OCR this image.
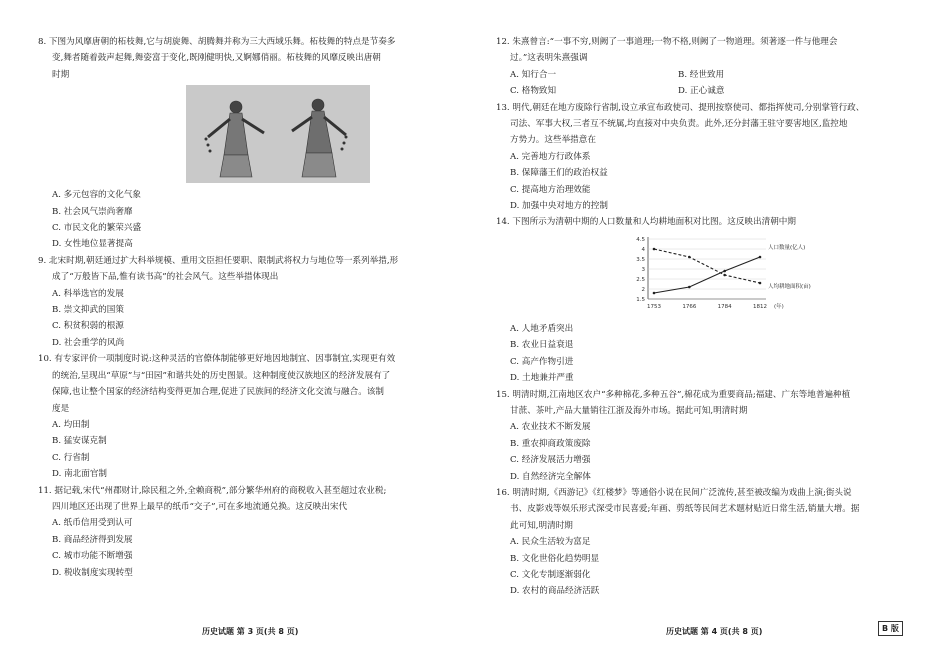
8. 下图为风靡唐朝的柘枝舞,它与胡旋舞、胡腾舞并称为三大西域乐舞。柘枝舞的特点是节奏多

变,舞者随着鼓声起舞,舞姿富于变化,既刚健明快,又婀娜俏丽。柘枝舞的风靡反映出唐朝

时期

A. 多元包容的文化气象
B. 社会风气崇尚奢靡
C. 市民文化的繁荣兴盛
D. 女性地位显著提高

9. 北宋时期,朝廷通过扩大科举规模、重用文臣担任要职、限制武将权力与地位等一系列举措,形

成了“万般皆下品,惟有读书高”的社会风气。这些举措体现出

A. 科举选官的发展
B. 崇文抑武的国策
C. 积贫积弱的根源
D. 社会重学的风尚

10. 有专家评价一项制度时说:这种灵活的官僚体制能够更好地因地制宜、因事制宜,实现更有效

的统治,呈现出“草原”与“田园”和谐共处的历史图景。这种制度使汉族地区的经济发展有了

保障,也让整个国家的经济结构变得更加合理,促进了民族间的经济文化交流与融合。该制

度是

A. 均田制
B. 猛安谋克制
C. 行省制
D. 南北面官制

11. 据记载,宋代“州郡财计,除民租之外,全赖商税”,部分繁华州府的商税收入甚至超过农业税;

四川地区还出现了世界上最早的纸币“交子”,可在多地流通兑换。这反映出宋代

A. 纸币信用受到认可
B. 商品经济得到发展
C. 城市功能不断增强
D. 税收制度实现转型

12. 朱熹曾言:“一事不穷,则阙了一事道理;一物不格,则阙了一物道理。须著逐一件与他理会

过。”这表明朱熹强调

A. 知行合一	B. 经世致用
C. 格物致知	D. 正心诚意

13. 明代,朝廷在地方废除行省制,设立承宣布政使司、提刑按察使司、都指挥使司,分别掌管行政、

司法、军事大权,三者互不统属,均直接对中央负责。此外,还分封藩王驻守要害地区,监控地

方势力。这些举措意在

A. 完善地方行政体系
B. 保障藩王们的政治权益
C. 提高地方治理效能
D. 加强中央对地方的控制

14. 下图所示为清朝中期的人口数量和人均耕地面积对比图。这反映出清朝中期

4.5
4
3.5
3
2.5
2
1.5
1753	1766	1784	1812 (年)
人口数量(亿人)
人均耕地面积(亩)
A. 人地矛盾突出
B. 农业日益衰退
C. 高产作物引进
D. 土地兼并严重

15. 明清时期,江南地区农户“多种棉花,多种五谷”,棉花成为重要商品;福建、广东等地普遍种植

甘蔗、茶叶,产品大量销往江浙及海外市场。据此可知,明清时期

A. 农业技术不断发展
B. 重农抑商政策废除
C. 经济发展活力增强
D. 自然经济完全解体

16. 明清时期,《西游记》《红楼梦》等通俗小说在民间广泛流传,甚至被改编为戏曲上演;街头说

书、皮影戏等娱乐形式深受市民喜爱;年画、剪纸等民间艺术题材贴近日常生活,销量大增。据

此可知,明清时期

A. 民众生活较为富足
B. 文化世俗化趋势明显
C. 文化专制逐渐弱化
D. 农村的商品经济活跃
历史试题 第 3 页(共 8 页)	历史试题 第 4 页(共 8 页)	B 版
